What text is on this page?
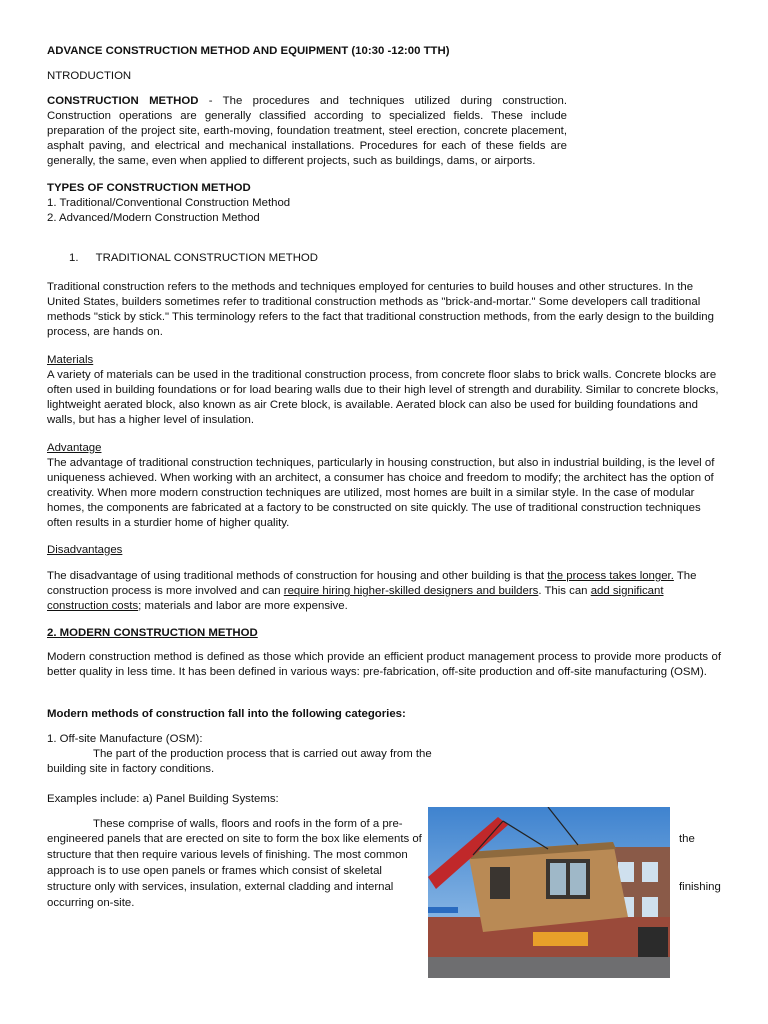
ADVANCE CONSTRUCTION METHOD AND EQUIPMENT (10:30 -12:00 TTH)
NTRODUCTION
CONSTRUCTION METHOD - The procedures and techniques utilized during construction. Construction operations are generally classified according to specialized fields. These include preparation of the project site, earth-moving, foundation treatment, steel erection, concrete placement, asphalt paving, and electrical and mechanical installations. Procedures for each of these fields are generally, the same, even when applied to different projects, such as buildings, dams, or airports.
TYPES OF CONSTRUCTION METHOD
1. Traditional/Conventional Construction Method
2. Advanced/Modern Construction Method
1. TRADITIONAL CONSTRUCTION METHOD
Traditional construction refers to the methods and techniques employed for centuries to build houses and other structures. In the United States, builders sometimes refer to traditional construction methods as "brick-and-mortar." Some developers call traditional methods "stick by stick." This terminology refers to the fact that traditional construction methods, from the early design to the building process, are hands on.
Materials
A variety of materials can be used in the traditional construction process, from concrete floor slabs to brick walls. Concrete blocks are often used in building foundations or for load bearing walls due to their high level of strength and durability. Similar to concrete blocks, lightweight aerated block, also known as air Crete block, is available. Aerated block can also be used for building foundations and walls, but has a higher level of insulation.
Advantage
The advantage of traditional construction techniques, particularly in housing construction, but also in industrial building, is the level of uniqueness achieved. When working with an architect, a consumer has choice and freedom to modify; the architect has the option of creativity. When more modern construction techniques are utilized, most homes are built in a similar style. In the case of modular homes, the components are fabricated at a factory to be constructed on site quickly. The use of traditional construction techniques often results in a sturdier home of higher quality.
Disadvantages
The disadvantage of using traditional methods of construction for housing and other building is that the process takes longer. The construction process is more involved and can require hiring higher-skilled designers and builders. This can add significant construction costs; materials and labor are more expensive.
2. MODERN CONSTRUCTION METHOD
Modern construction method is defined as those which provide an efficient product management process to provide more products of better quality in less time. It has been defined in various ways: pre-fabrication, off-site production and off-site manufacturing (OSM).
Modern methods of construction fall into the following categories:
1. Off-site Manufacture (OSM):
The part of the production process that is carried out away from the
building site in factory conditions.
Examples include: a) Panel Building Systems:
These comprise of walls, floors and roofs in the form of a pre-
engineered panels that are erected on site to form the box like elements of
structure that then require various levels of finishing. The most common
approach is to use open panels or frames which consist of skeletal
structure only with services, insulation, external cladding and internal
occurring on-site.
the
finishing
